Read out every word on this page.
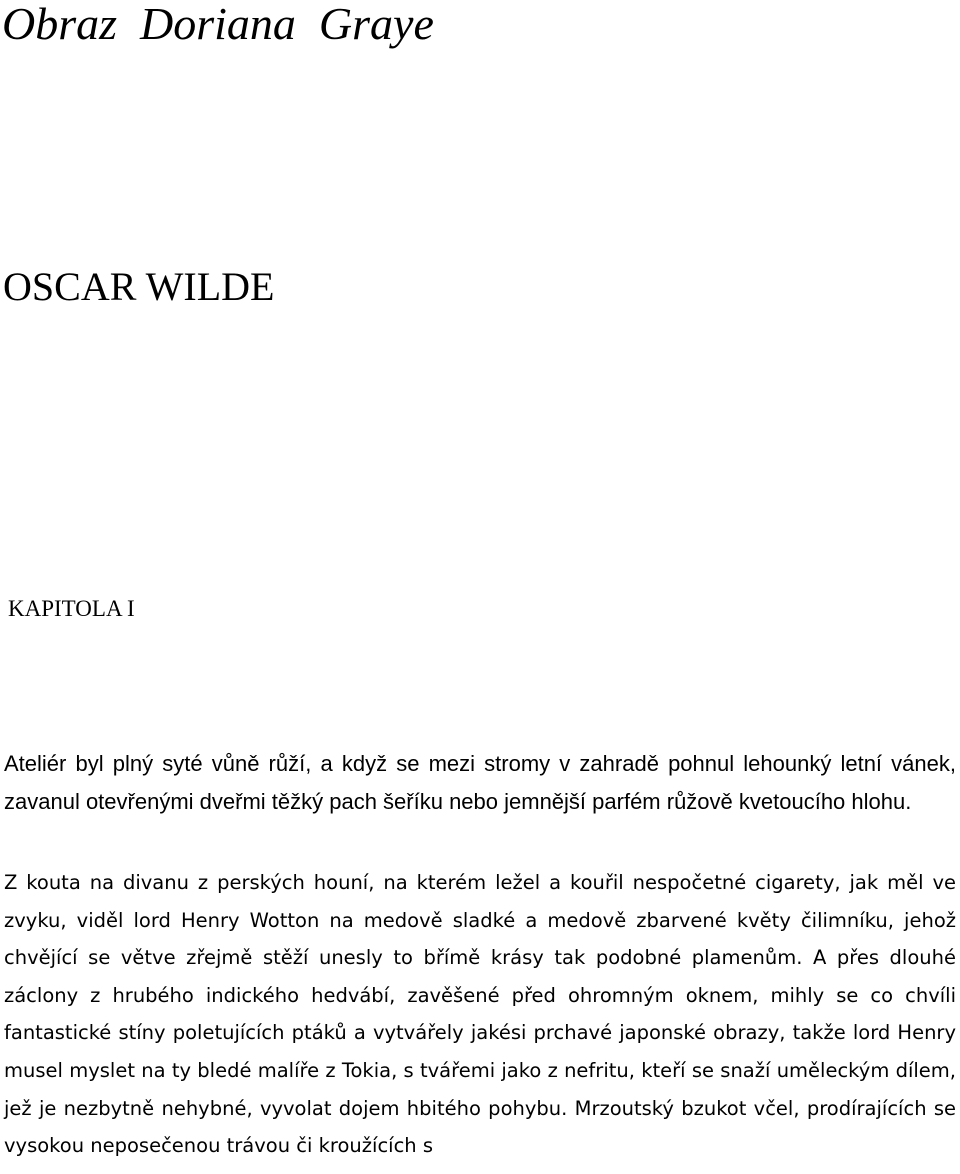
Obraz  Doriana  Graye
OSCAR WILDE
KAPITOLA I

Ateliér byl plný syté vůně růží, a když se mezi stromy v zahradě pohnul lehounký letní vánek, zavanul otevřenými dveřmi těžký pach šeříku nebo jemnější parfém růžově kvetoucího hlohu.

Z kouta na divanu z perských houní, na kterém ležel a kouřil nespočetné cigarety, jak měl ve zvyku, viděl lord Henry Wotton na medově sladké a medově zbarvené květy čilimníku, jehož chvějící se větve zřejmě stěží unesly to břímě krásy tak podobné plamenům. A přes dlouhé záclony z hrubého indického hedvábí, zavěšené před ohromným oknem, mihly se co chvíli fantastické stíny poletujících ptáků a vytvářely jakési prchavé japonské obrazy, takže lord Henry musel myslet na ty bledé malíře z Tokia, s tvářemi jako z nefritu, kteří se snaží uměleckým dílem, jež je nezbytně nehybné, vyvolat dojem hbitého pohybu. Mrzoutský bzukot včel, prodírajících se vysokou neposečenou trávou či kroužících s
